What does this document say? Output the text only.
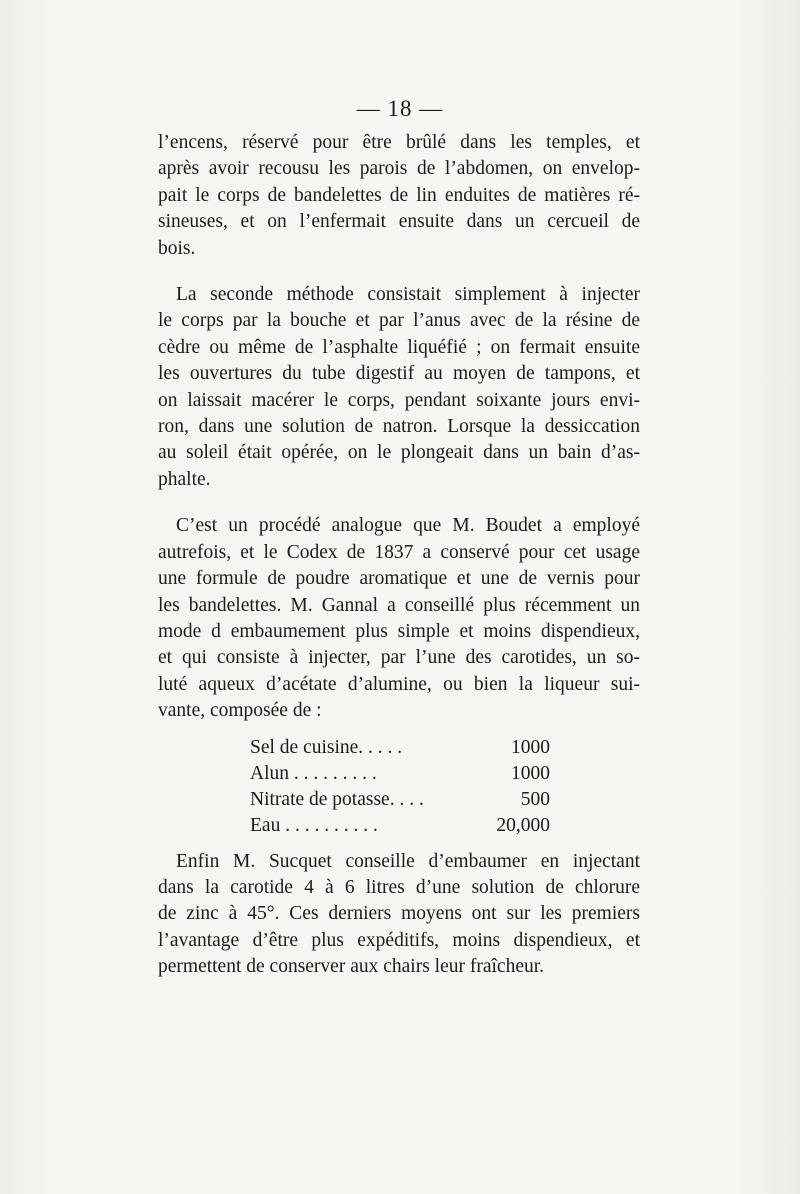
— 18 —

l’encens, réservé pour être brûlé dans les temples, et
après avoir recousu les parois de l’abdomen, on envelop-
pait le corps de bandelettes de lin enduites de matières ré-
sineuses, et on l’enfermait ensuite dans un cercueil de
bois.

La seconde méthode consistait simplement à injecter
le corps par la bouche et par l’anus avec de la résine de
cèdre ou même de l’asphalte liquéfié ; on fermait ensuite
les ouvertures du tube digestif au moyen de tampons, et
on laissait macérer le corps, pendant soixante jours envi-
ron, dans une solution de natron. Lorsque la dessiccation
au soleil était opérée, on le plongeait dans un bain d’as-
phalte.

C’est un procédé analogue que M. Boudet a employé
autrefois, et le Codex de 1837 a conservé pour cet usage
une formule de poudre aromatique et une de vernis pour
les bandelettes. M. Gannal a conseillé plus récemment un
mode d embaumement plus simple et moins dispendieux,
et qui consiste à injecter, par l’une des carotides, un so-
luté aqueux d’acétate d’alumine, ou bien la liqueur sui-
vante, composée de :

Sel de cuisine. . . . .	1000
Alun . . . . . . . . .	1000
Nitrate de potasse. . . .	500
Eau . . . . . . . . . .	20,000

Enfin M. Sucquet conseille d’embaumer en injectant
dans la carotide 4 à 6 litres d’une solution de chlorure
de zinc à 45°. Ces derniers moyens ont sur les premiers
l’avantage d’être plus expéditifs, moins dispendieux, et
permettent de conserver aux chairs leur fraîcheur.
